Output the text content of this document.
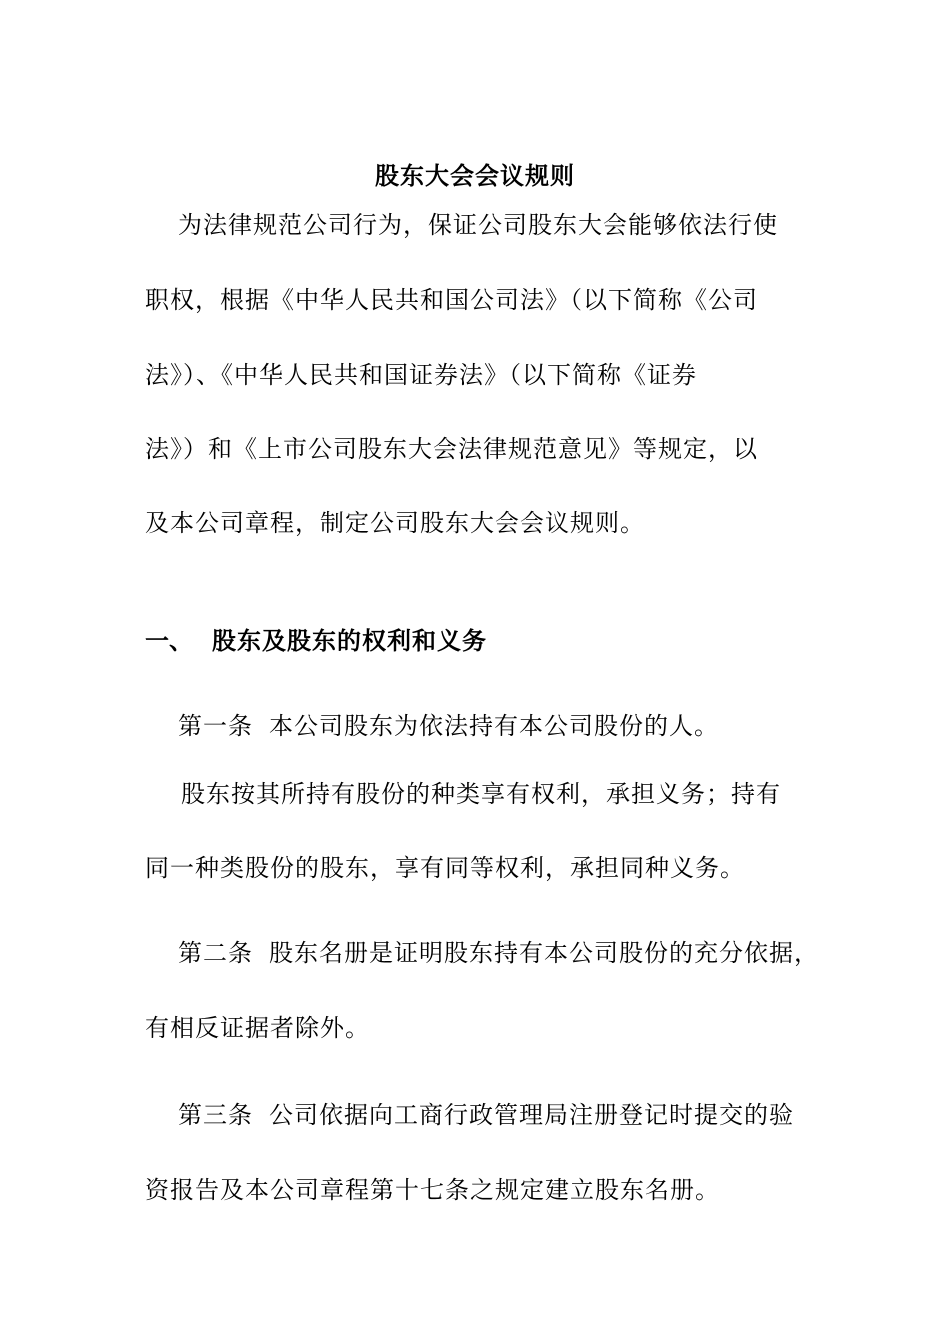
股东大会会议规则
为法律规范公司行为，保证公司股东大会能够依法行使
职权，根据《中华人民共和国公司法》（以下简称《公司
法》）、《中华人民共和国证券法》（以下简称《证券
法》）和《上市公司股东大会法律规范意见》等规定，以
及本公司章程，制定公司股东大会会议规则。
一、 股东及股东的权利和义务
第一条 本公司股东为依法持有本公司股份的人。
股东按其所持有股份的种类享有权利，承担义务；持有
同一种类股份的股东，享有同等权利，承担同种义务。
第二条 股东名册是证明股东持有本公司股份的充分依据，
有相反证据者除外。
第三条 公司依据向工商行政管理局注册登记时提交的验
资报告及本公司章程第十七条之规定建立股东名册。
